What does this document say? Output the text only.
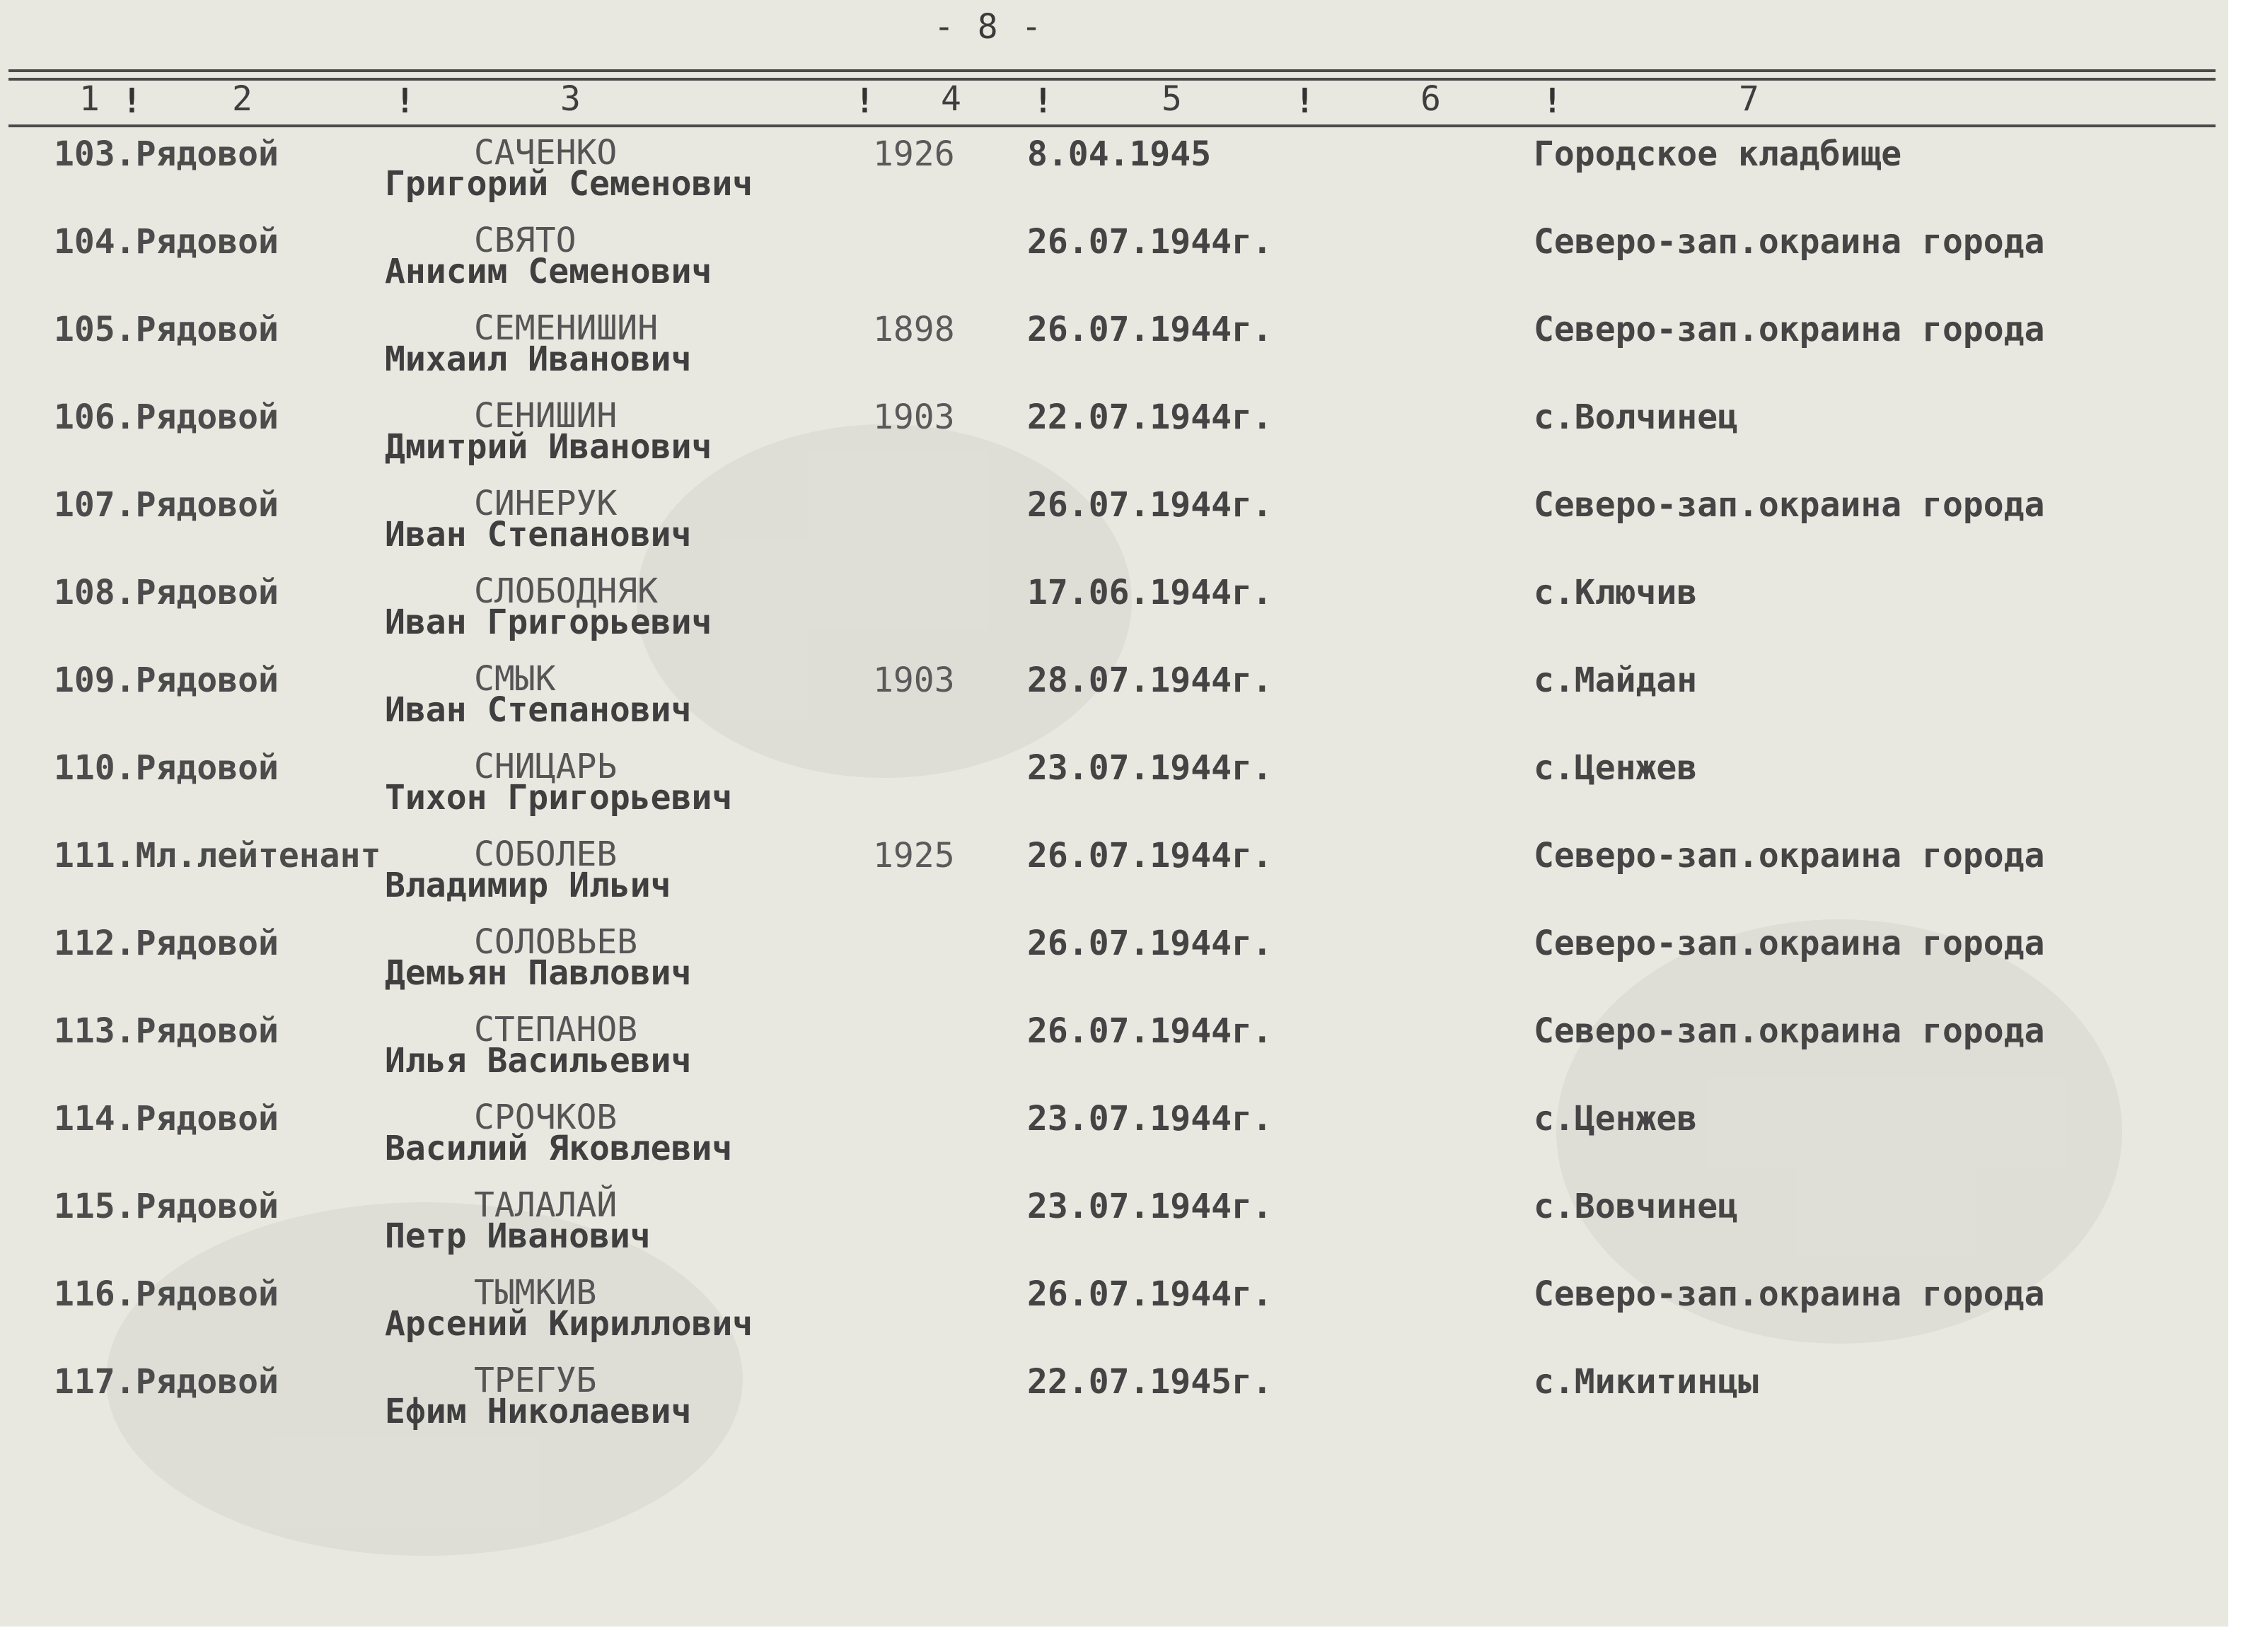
- 8 -
1 !	2	!	3	! 4 !	5	!	6	!	7
103.Рядовой	САЧЕНКО
Григорий Семенович
1926 8.04.1945	Городское кладбище
104.Рядовой	СВЯТО
Анисим Семенович
26.07.1944г.	Северо-зап.окраина города
105.Рядовой	СЕМЕНИШИН
Михаил Иванович
1898 26.07.1944г.	Северо-зап.окраина города
106.Рядовой	СЕНИШИН
Дмитрий Иванович
1903 22.07.1944г.	с.Волчинец
107.Рядовой	СИНЕРУК
Иван Степанович
26.07.1944г.	Северо-зап.окраина города
108.Рядовой	СЛОБОДНЯК
Иван Григорьевич
17.06.1944г.	с.Ключив
109.Рядовой	СМЫК
Иван Степанович
1903 28.07.1944г.	с.Майдан
110.Рядовой	СНИЦАРЬ
Тихон Григорьевич
23.07.1944г.	с.Ценжев
111.Мл.лейтенант	СОБОЛЕВ
Владимир Ильич
1925 26.07.1944г.	Северо-зап.окраина города
112.Рядовой	СОЛОВЬЕВ
Демьян Павлович
26.07.1944г.	Северо-зап.окраина города
113.Рядовой	СТЕПАНОВ
Илья Васильевич
26.07.1944г.	Северо-зап.окраина города
114.Рядовой	СРОЧКОВ
Василий Яковлевич
23.07.1944г.	с.Ценжев
115.Рядовой	ТАЛАЛАЙ
Петр Иванович
23.07.1944г.	с.Вовчинец
116.Рядовой	ТЫМКИВ
Арсений Кириллович
26.07.1944г.	Северо-зап.окраина города
117.Рядовой	ТРЕГУБ
Ефим Николаевич
22.07.1945г.	с.Микитинцы
